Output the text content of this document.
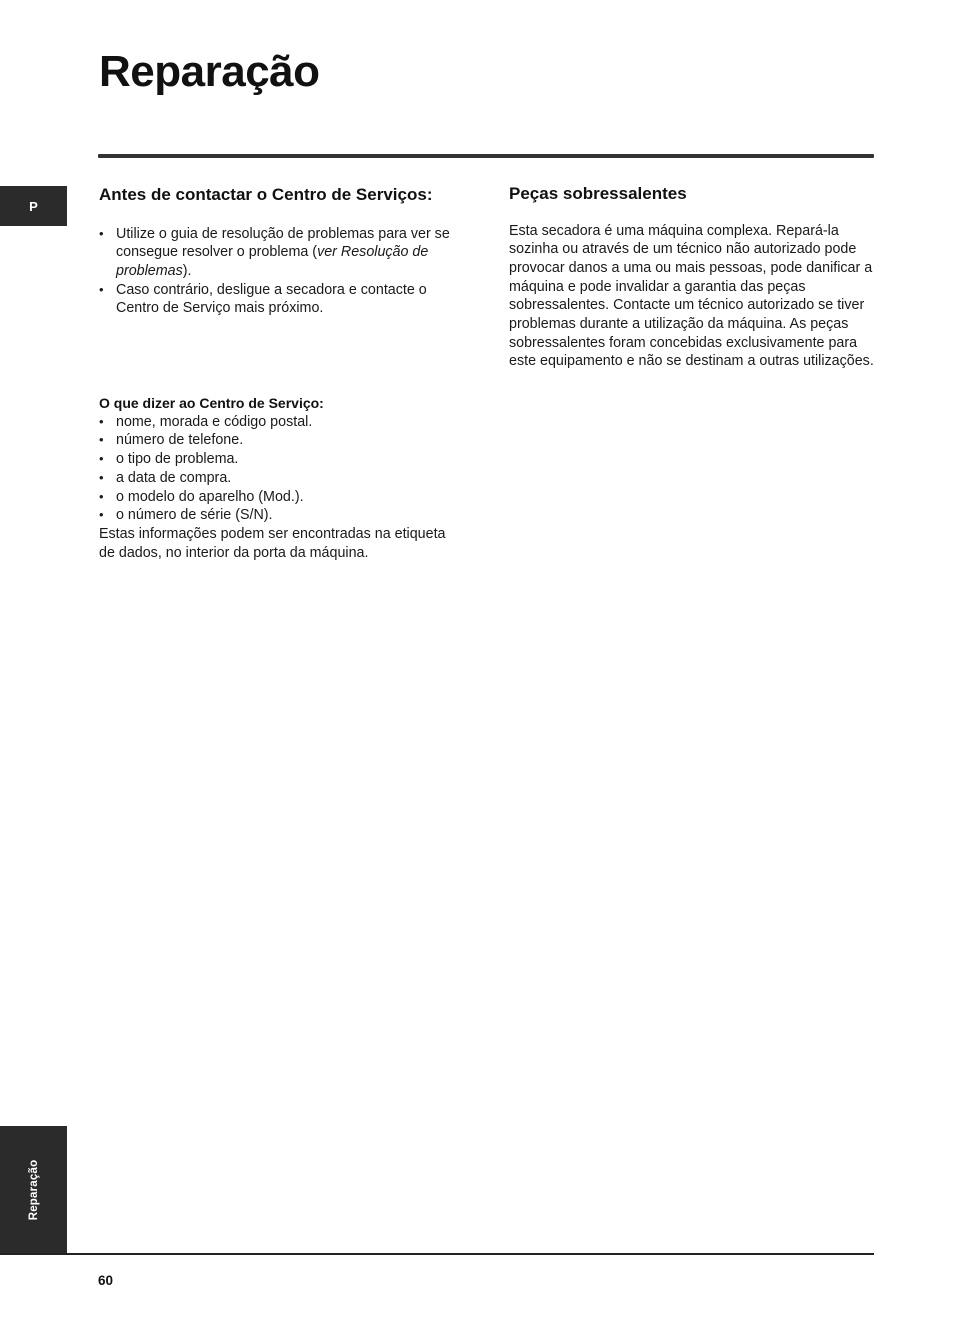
Reparação
P
Antes de contactar o Centro de Serviços:
• Utilize o guia de resolução de problemas para ver se consegue resolver o problema (ver Resolução de problemas).
• Caso contrário, desligue a secadora e contacte o Centro de Serviço mais próximo.
O que dizer ao Centro de Serviço:
• nome, morada e código postal.
• número de telefone.
• o tipo de problema.
• a data de compra.
• o modelo do aparelho (Mod.).
• o número de série (S/N).

Estas informações podem ser encontradas na etiqueta de dados, no interior da porta da máquina.

Peças sobressalentes

Esta secadora é uma máquina complexa. Repará-la sozinha ou através de um técnico não autorizado pode provocar danos a uma ou mais pessoas, pode danificar a máquina e pode invalidar a garantia das peças sobressalentes. Contacte um técnico autorizado se tiver problemas durante a utilização da máquina. As peças sobressalentes foram concebidas exclusivamente para este equipamento e não se destinam a outras utilizações.

Reparação
60
